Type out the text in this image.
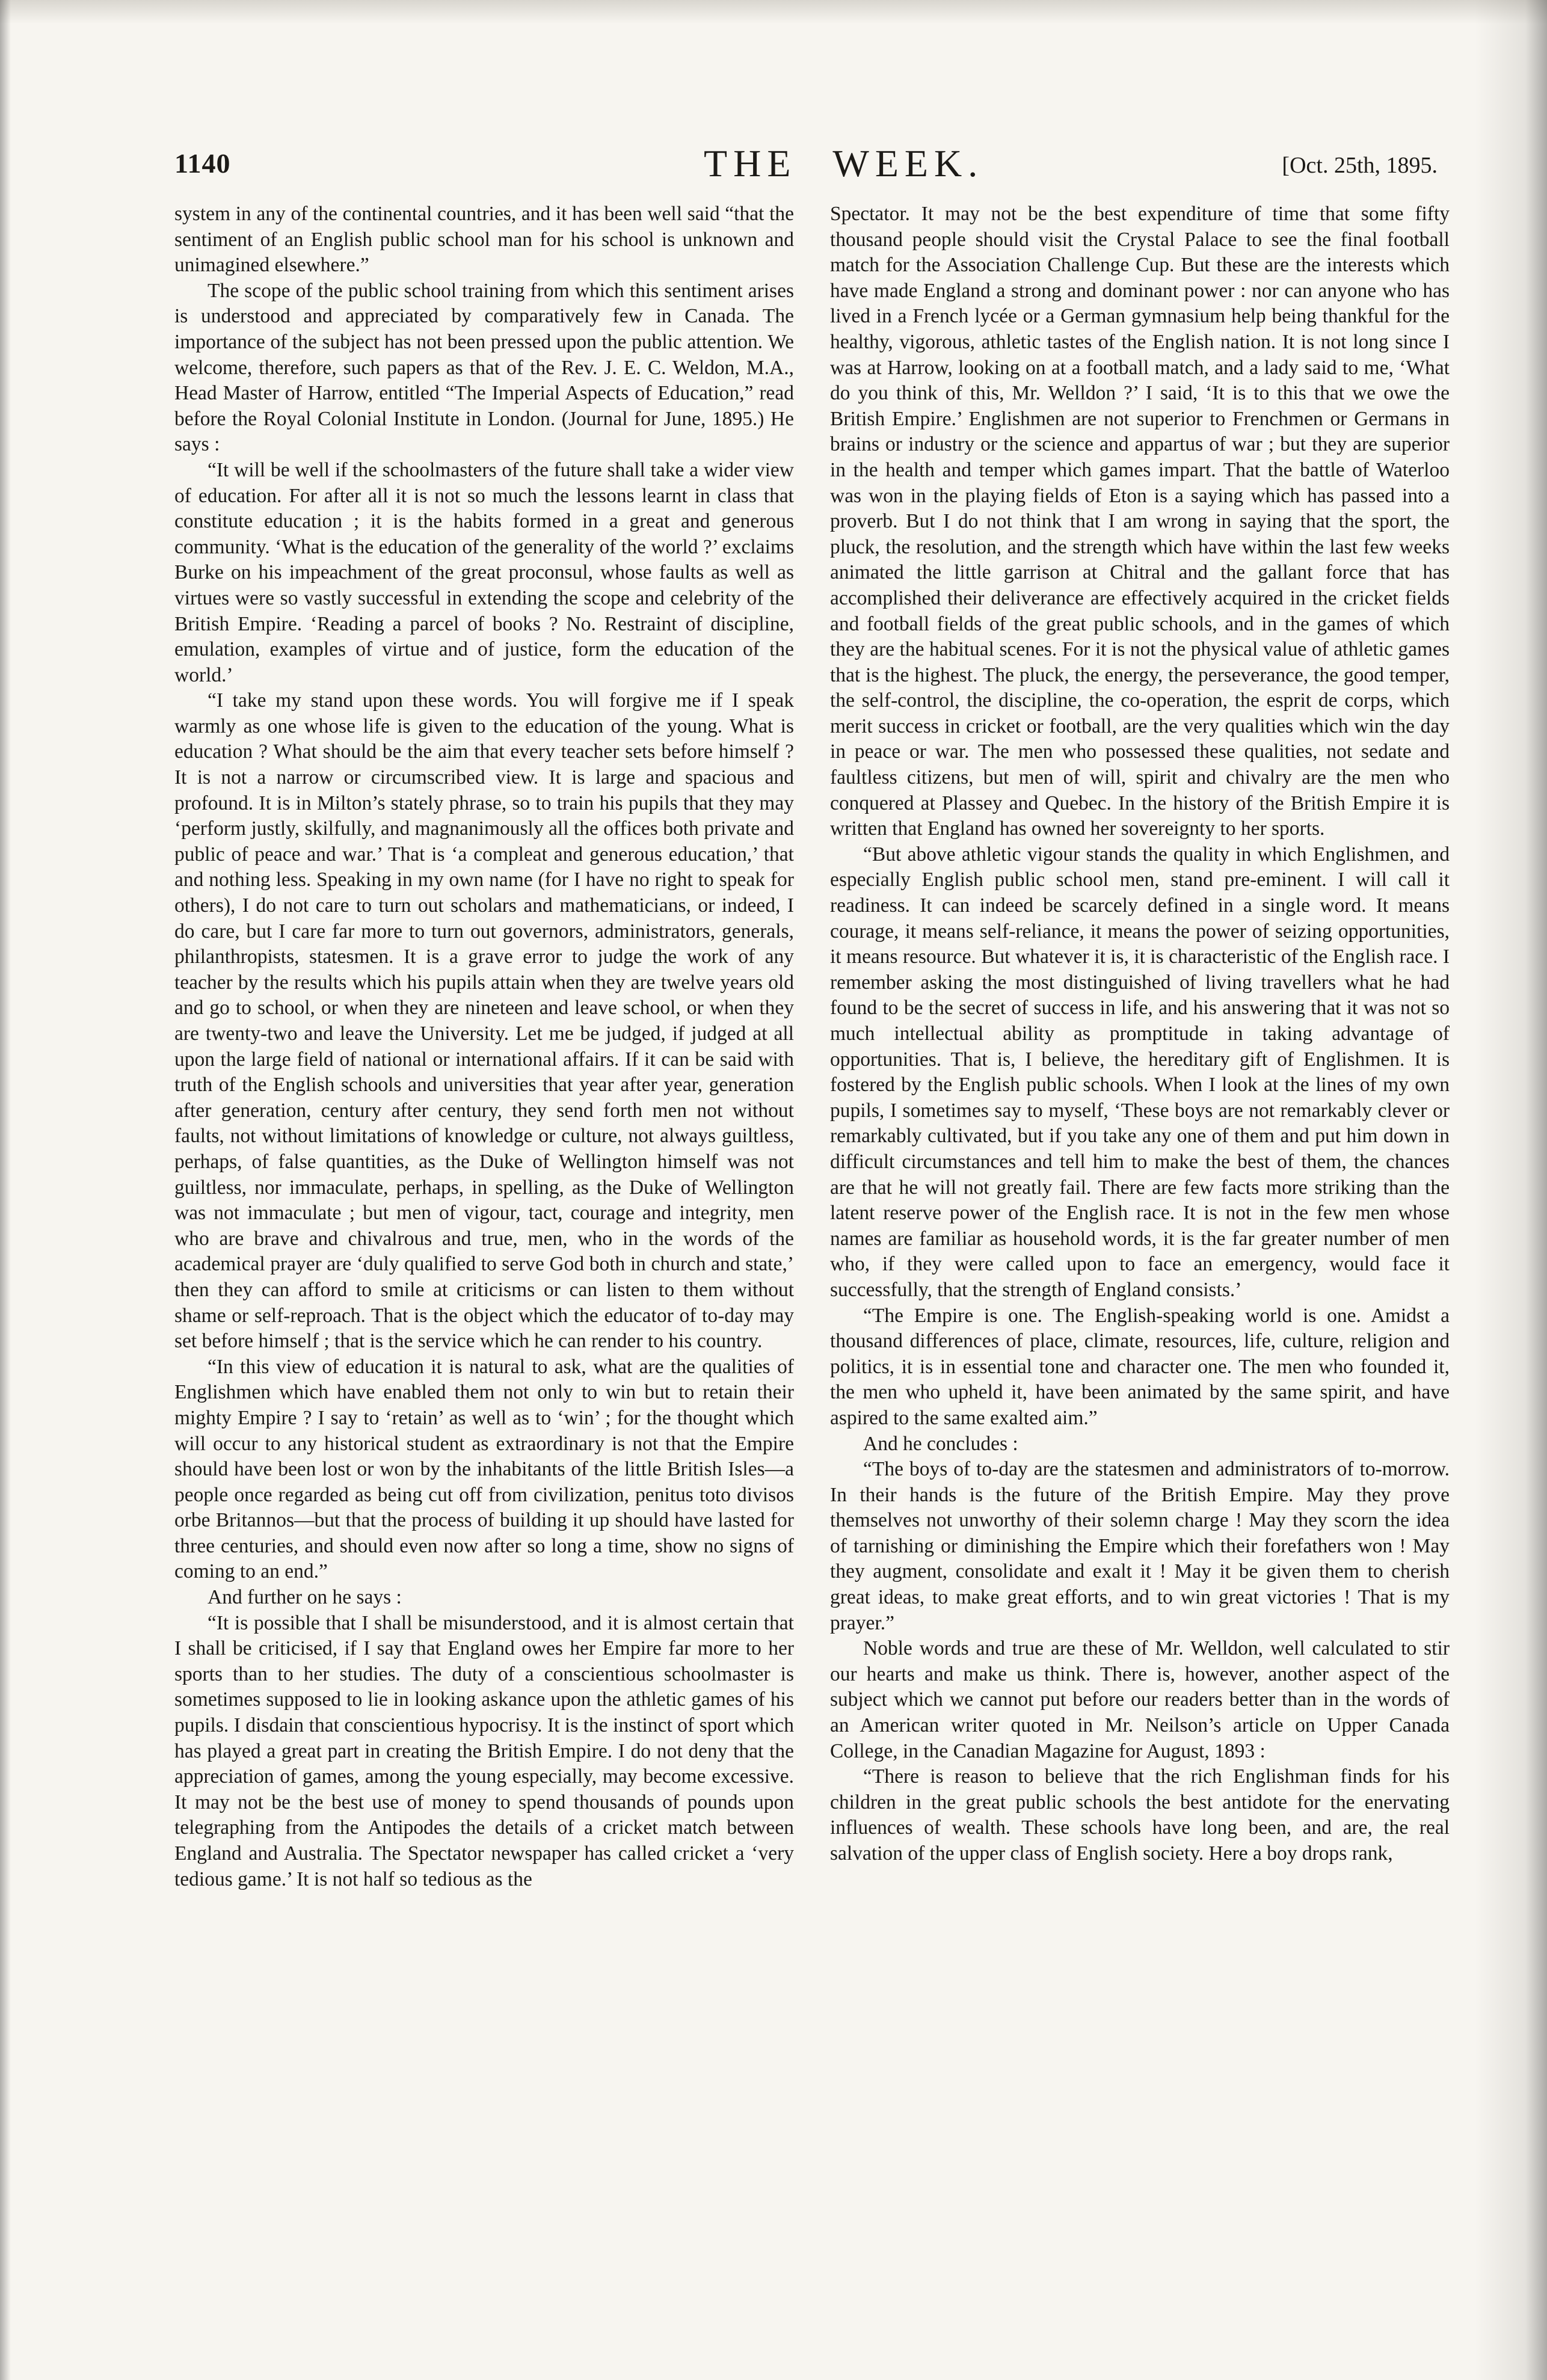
1140	THE WEEK.	[Oct. 25th, 1895.

system in any of the continental countries, and it has been well said “that the sentiment of an English public school man for his school is unknown and unimagined elsewhere.”

The scope of the public school training from which this sentiment arises is understood and appreciated by comparatively few in Canada. The importance of the subject has not been pressed upon the public attention. We welcome, therefore, such papers as that of the Rev. J. E. C. Weldon, M.A., Head Master of Harrow, entitled “The Imperial Aspects of Education,” read before the Royal Colonial Institute in London. (Journal for June, 1895.) He says :

“It will be well if the schoolmasters of the future shall take a wider view of education. For after all it is not so much the lessons learnt in class that constitute education ; it is the habits formed in a great and generous community. ‘What is the education of the generality of the world ?’ exclaims Burke on his impeachment of the great proconsul, whose faults as well as virtues were so vastly successful in extending the scope and celebrity of the British Empire. ‘Reading a parcel of books ? No. Restraint of discipline, emulation, examples of virtue and of justice, form the education of the world.’

“I take my stand upon these words. You will forgive me if I speak warmly as one whose life is given to the education of the young. What is education ? What should be the aim that every teacher sets before himself ? It is not a narrow or circumscribed view. It is large and spacious and profound. It is in Milton’s stately phrase, so to train his pupils that they may ‘perform justly, skilfully, and magnanimously all the offices both private and public of peace and war.’ That is ‘a compleat and generous education,’ that and nothing less. Speaking in my own name (for I have no right to speak for others), I do not care to turn out scholars and mathematicians, or indeed, I do care, but I care far more to turn out governors, administrators, generals, philanthropists, statesmen. It is a grave error to judge the work of any teacher by the results which his pupils attain when they are twelve years old and go to school, or when they are nineteen and leave school, or when they are twenty-two and leave the University. Let me be judged, if judged at all upon the large field of national or international affairs. If it can be said with truth of the English schools and universities that year after year, generation after generation, century after century, they send forth men not without faults, not without limitations of knowledge or culture, not always guiltless, perhaps, of false quantities, as the Duke of Wellington himself was not guiltless, nor immaculate, perhaps, in spelling, as the Duke of Wellington was not immaculate ; but men of vigour, tact, courage and integrity, men who are brave and chivalrous and true, men, who in the words of the academical prayer are ‘duly qualified to serve God both in church and state,’ then they can afford to smile at criticisms or can listen to them without shame or self-reproach. That is the object which the educator of to-day may set before himself ; that is the service which he can render to his country.

“In this view of education it is natural to ask, what are the qualities of Englishmen which have enabled them not only to win but to retain their mighty Empire ? I say to ‘retain’ as well as to ‘win’ ; for the thought which will occur to any historical student as extraordinary is not that the Empire should have been lost or won by the inhabitants of the little British Isles—a people once regarded as being cut off from civilization, penitus toto divisos orbe Britannos—but that the process of building it up should have lasted for three centuries, and should even now after so long a time, show no signs of coming to an end.”

And further on he says :

“It is possible that I shall be misunderstood, and it is almost certain that I shall be criticised, if I say that England owes her Empire far more to her sports than to her studies. The duty of a conscientious schoolmaster is sometimes supposed to lie in looking askance upon the athletic games of his pupils. I disdain that conscientious hypocrisy. It is the instinct of sport which has played a great part in creating the British Empire. I do not deny that the appreciation of games, among the young especially, may become excessive. It may not be the best use of money to spend thousands of pounds upon telegraphing from the Antipodes the details of a cricket match between England and Australia. The Spectator newspaper has called cricket a ‘very tedious game.’ It is not half so tedious as the

Spectator. It may not be the best expenditure of time that some fifty thousand people should visit the Crystal Palace to see the final football match for the Association Challenge Cup. But these are the interests which have made England a strong and dominant power : nor can anyone who has lived in a French lycée or a German gymnasium help being thankful for the healthy, vigorous, athletic tastes of the English nation. It is not long since I was at Harrow, looking on at a football match, and a lady said to me, ‘What do you think of this, Mr. Welldon ?’ I said, ‘It is to this that we owe the British Empire.’ Englishmen are not superior to Frenchmen or Germans in brains or industry or the science and appartus of war ; but they are superior in the health and temper which games impart. That the battle of Waterloo was won in the playing fields of Eton is a saying which has passed into a proverb. But I do not think that I am wrong in saying that the sport, the pluck, the resolution, and the strength which have within the last few weeks animated the little garrison at Chitral and the gallant force that has accomplished their deliverance are effectively acquired in the cricket fields and football fields of the great public schools, and in the games of which they are the habitual scenes. For it is not the physical value of athletic games that is the highest. The pluck, the energy, the perseverance, the good temper, the self-control, the discipline, the co-operation, the esprit de corps, which merit success in cricket or football, are the very qualities which win the day in peace or war. The men who possessed these qualities, not sedate and faultless citizens, but men of will, spirit and chivalry are the men who conquered at Plassey and Quebec. In the history of the British Empire it is written that England has owned her sovereignty to her sports.

“But above athletic vigour stands the quality in which Englishmen, and especially English public school men, stand pre-eminent. I will call it readiness. It can indeed be scarcely defined in a single word. It means courage, it means self-reliance, it means the power of seizing opportunities, it means resource. But whatever it is, it is characteristic of the English race. I remember asking the most distinguished of living travellers what he had found to be the secret of success in life, and his answering that it was not so much intellectual ability as promptitude in taking advantage of opportunities. That is, I believe, the hereditary gift of Englishmen. It is fostered by the English public schools. When I look at the lines of my own pupils, I sometimes say to myself, ‘These boys are not remarkably clever or remarkably cultivated, but if you take any one of them and put him down in difficult circumstances and tell him to make the best of them, the chances are that he will not greatly fail. There are few facts more striking than the latent reserve power of the English race. It is not in the few men whose names are familiar as household words, it is the far greater number of men who, if they were called upon to face an emergency, would face it successfully, that the strength of England consists.’

“The Empire is one. The English-speaking world is one. Amidst a thousand differences of place, climate, resources, life, culture, religion and politics, it is in essential tone and character one. The men who founded it, the men who upheld it, have been animated by the same spirit, and have aspired to the same exalted aim.”

And he concludes :

“The boys of to-day are the statesmen and administrators of to-morrow. In their hands is the future of the British Empire. May they prove themselves not unworthy of their solemn charge ! May they scorn the idea of tarnishing or diminishing the Empire which their forefathers won ! May they augment, consolidate and exalt it ! May it be given them to cherish great ideas, to make great efforts, and to win great victories ! That is my prayer.”

Noble words and true are these of Mr. Welldon, well calculated to stir our hearts and make us think. There is, however, another aspect of the subject which we cannot put before our readers better than in the words of an American writer quoted in Mr. Neilson’s article on Upper Canada College, in the Canadian Magazine for August, 1893 :

“There is reason to believe that the rich Englishman finds for his children in the great public schools the best antidote for the enervating influences of wealth. These schools have long been, and are, the real salvation of the upper class of English society. Here a boy drops rank,
